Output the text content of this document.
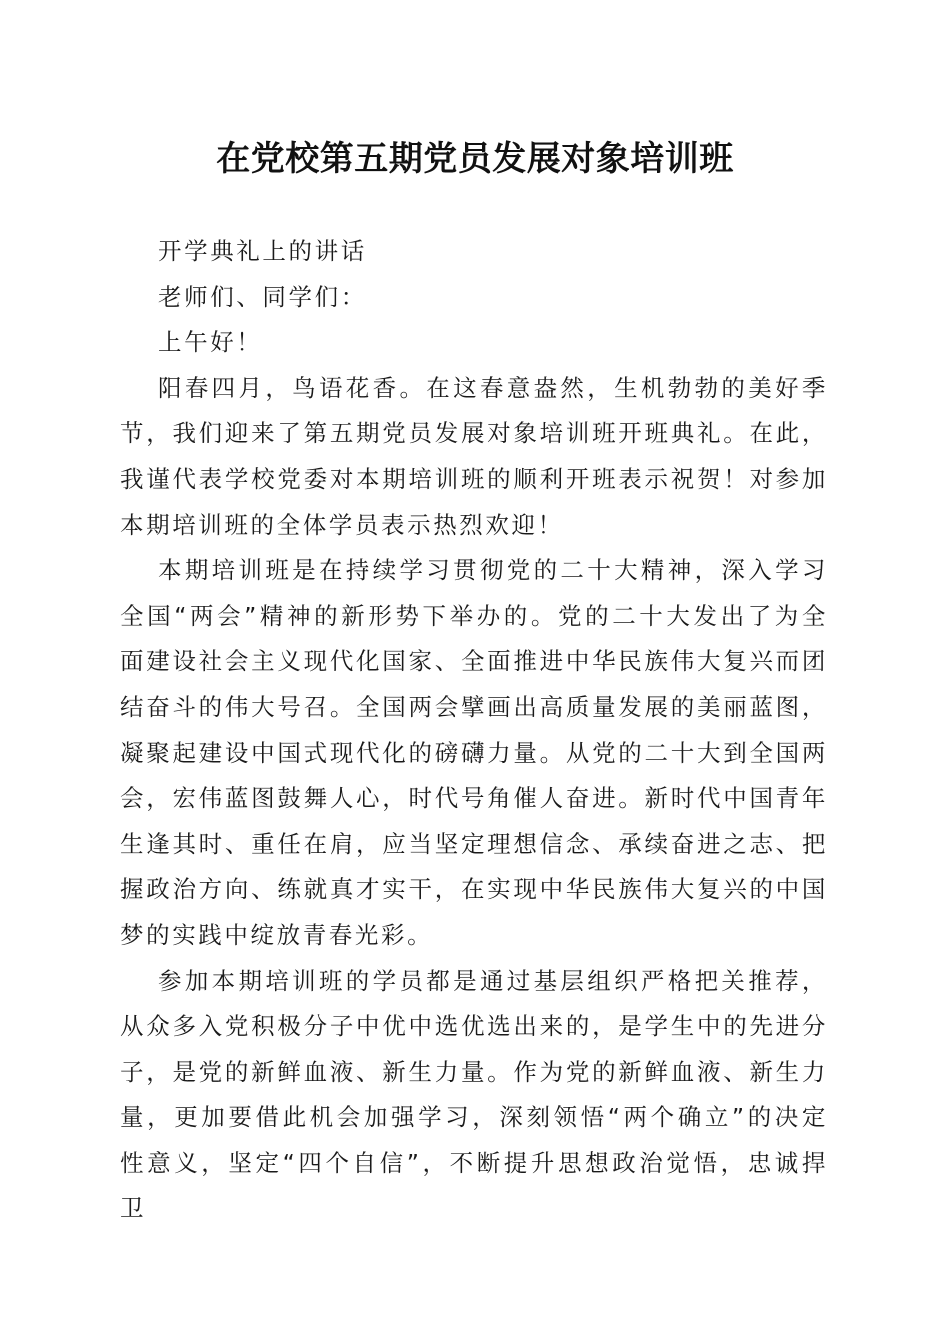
在党校第五期党员发展对象培训班

开学典礼上的讲话

老师们、同学们：

上午好！

阳春四月，鸟语花香。在这春意盎然，生机勃勃的美好季节，我们迎来了第五期党员发展对象培训班开班典礼。在此，我谨代表学校党委对本期培训班的顺利开班表示祝贺！对参加本期培训班的全体学员表示热烈欢迎！

本期培训班是在持续学习贯彻党的二十大精神，深入学习全国“两会”精神的新形势下举办的。党的二十大发出了为全面建设社会主义现代化国家、全面推进中华民族伟大复兴而团结奋斗的伟大号召。全国两会擘画出高质量发展的美丽蓝图，凝聚起建设中国式现代化的磅礴力量。从党的二十大到全国两会，宏伟蓝图鼓舞人心，时代号角催人奋进。新时代中国青年生逢其时、重任在肩，应当坚定理想信念、承续奋进之志、把握政治方向、练就真才实干，在实现中华民族伟大复兴的中国梦的实践中绽放青春光彩。

参加本期培训班的学员都是通过基层组织严格把关推荐，从众多入党积极分子中优中选优选出来的，是学生中的先进分子，是党的新鲜血液、新生力量。作为党的新鲜血液、新生力量，更加要借此机会加强学习，深刻领悟“两个确立”的决定性意义，坚定“四个自信”，不断提升思想政治觉悟，忠诚捍卫
